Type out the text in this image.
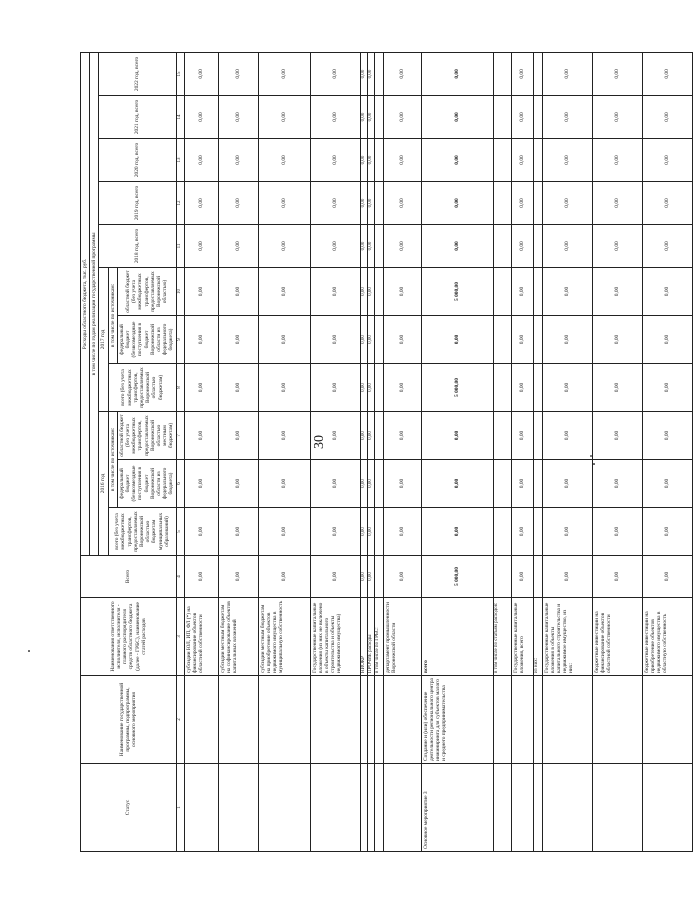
30
Статус	Наименование государственной программы, подпрограммы, основного мероприятия	Наименования ответственного исполнителя, исполнителя - главного распорядителя средств областного бюджета (далее - ГРБС), наименование статей расходов	Всего	Расходы областного бюджета, тыс. руб.										
				в том числе по годам реализации государственной программы										
				2016 год			2017 год			2018 год, всего	2019 год, всего	2020 год, всего	2021 год, всего	2022 год, всего
				всего (без учета межбюджетных трансфертов, предоставляемых Воронежской областью бюджетам муниципальных образований)	в том числе по источникам:		всего (без учета межбюджетных трансфертов, предоставляемых Воронежской областью бюджетам)	в том числе по источникам:						
					федеральный бюджет (безвозмездные поступления в бюджет Воронежской области из федерального бюджета)	областной бюджет (без учета межбюджетных трансфертов, предоставляемых Воронежской областью местным бюджетам)		федеральный бюджет (безвозмездные поступления в бюджет Воронежской области из федерального бюджета)	областной бюджет (без учета межбюджетных трансфертов, предоставляемых Воронежской областью)					
1	2	3	4	5	6	7	8	9	10	11	12	13	14	15
		субсидии ЮЛ, ИП, ФЛ (*) на финансирование объектов областной собственности	0,00	0,00	0,00	0,00	0,00	0,00	0,00	0,00	0,00	0,00	0,00	0,00
		субсидии местным бюджетам на софинансирование объектов капитальных вложений	0,00	0,00	0,00	0,00	0,00	0,00	0,00	0,00	0,00	0,00	0,00	0,00
		субсидии местным бюджетам на приобретение объектов недвижимого имущества в муниципальную собственность	0,00	0,00	0,00	0,00	0,00	0,00	0,00	0,00	0,00	0,00	0,00	0,00
		Государственные капитальные вложения (из них не включено в объекты капитального строительства и объекты недвижимого имущества)	0,00	0,00	0,00	0,00	0,00	0,00	0,00	0,00	0,00	0,00	0,00	0,00
		НИОКР	0,00	0,00	0,00	0,00	0,00	0,00	0,00	0,00	0,00	0,00	0,00	0,00
		ПРОЧИЕ расходы	0,00	0,00	0,00	0,00	0,00	0,00	0,00	0,00	0,00	0,00	0,00	0,00
		в том числе по ГРБС:												
		департамент промышленности Воронежской области	0,00	0,00	0,00	0,00	0,00	0,00	0,00	0,00	0,00	0,00	0,00	0,00
Основное мероприятие 3	Создание и (или) обеспечение деятельности регионального центра инжиниринга для субъектов малого и среднего предпринимательства	всего	5 000,00	0,00	0,00	0,00	5 000,00	0,00	5 000,00	0,00	0,00	0,00	0,00	0,00
		в том числе по статьям расходов:												
		Государственные капитальные вложения, всего	0,00	0,00	0,00	0,00	0,00	0,00	0,00	0,00	0,00	0,00	0,00	0,00
		из них:												
		Государственные капитальные вложения в объекты капитального строительства и недвижимое имущество, из них:	0,00	0,00	0,00	0,00	0,00	0,00	0,00	0,00	0,00	0,00	0,00	0,00
		бюджетные инвестиции на финансирование объектов областной собственности	0,00	0,00	0,00	0,00	0,00	0,00	0,00	0,00	0,00	0,00	0,00	0,00
		бюджетные инвестиции на приобретение объектов недвижимого имущества в областную собственность	0,00	0,00	0,00	0,00	0,00	0,00	0,00	0,00	0,00	0,00	0,00	0,00
